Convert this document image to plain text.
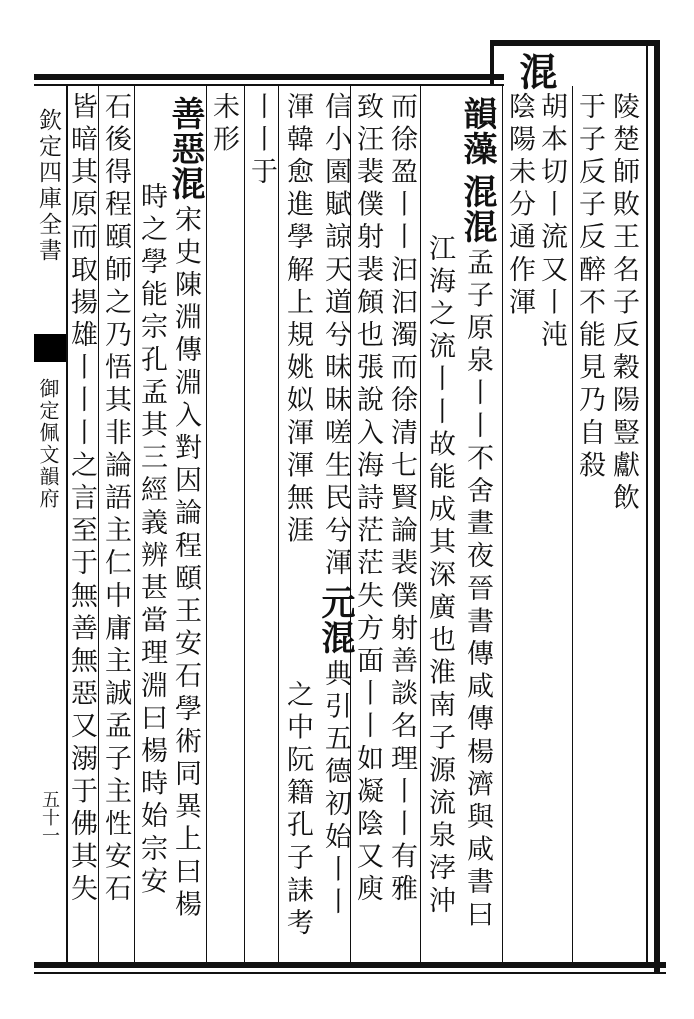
欽定四庫全書
御定佩文韻府
五十一
混
陵楚師敗王名子反穀陽豎獻飲
于子反子反醉不能見乃自殺
胡本切丨流又丨沌
陰陽未分通作渾
韻藻混混孟子原泉丨丨不舍晝夜晉書傳咸傳楊濟與咸書曰
江海之流丨丨故能成其深廣也淮南子源流泉浡沖
而徐盈丨丨汩汩濁而徐清七賢論裴僕射善談名理丨丨有雅
致汪裴僕射裴頠也張說入海詩茫茫失方面丨丨如凝陰又庾
信小園賦諒天道兮昧昧嗟生民兮渾元混典引五德初始丨丨
之中阮籍孔子誄考
渾韓愈進學解上規姚姒渾渾無涯
丨丨于
未形
善惡混宋史陳淵傳淵入對因論程頤王安石學術同異上曰楊
時之學能宗孔孟其三經義辨甚當理淵曰楊時始宗安
石後得程頤師之乃悟其非論語主仁中庸主誠孟子主性安石
皆暗其原而取揚雄丨丨丨之言至于無善無惡又溺于佛其失
